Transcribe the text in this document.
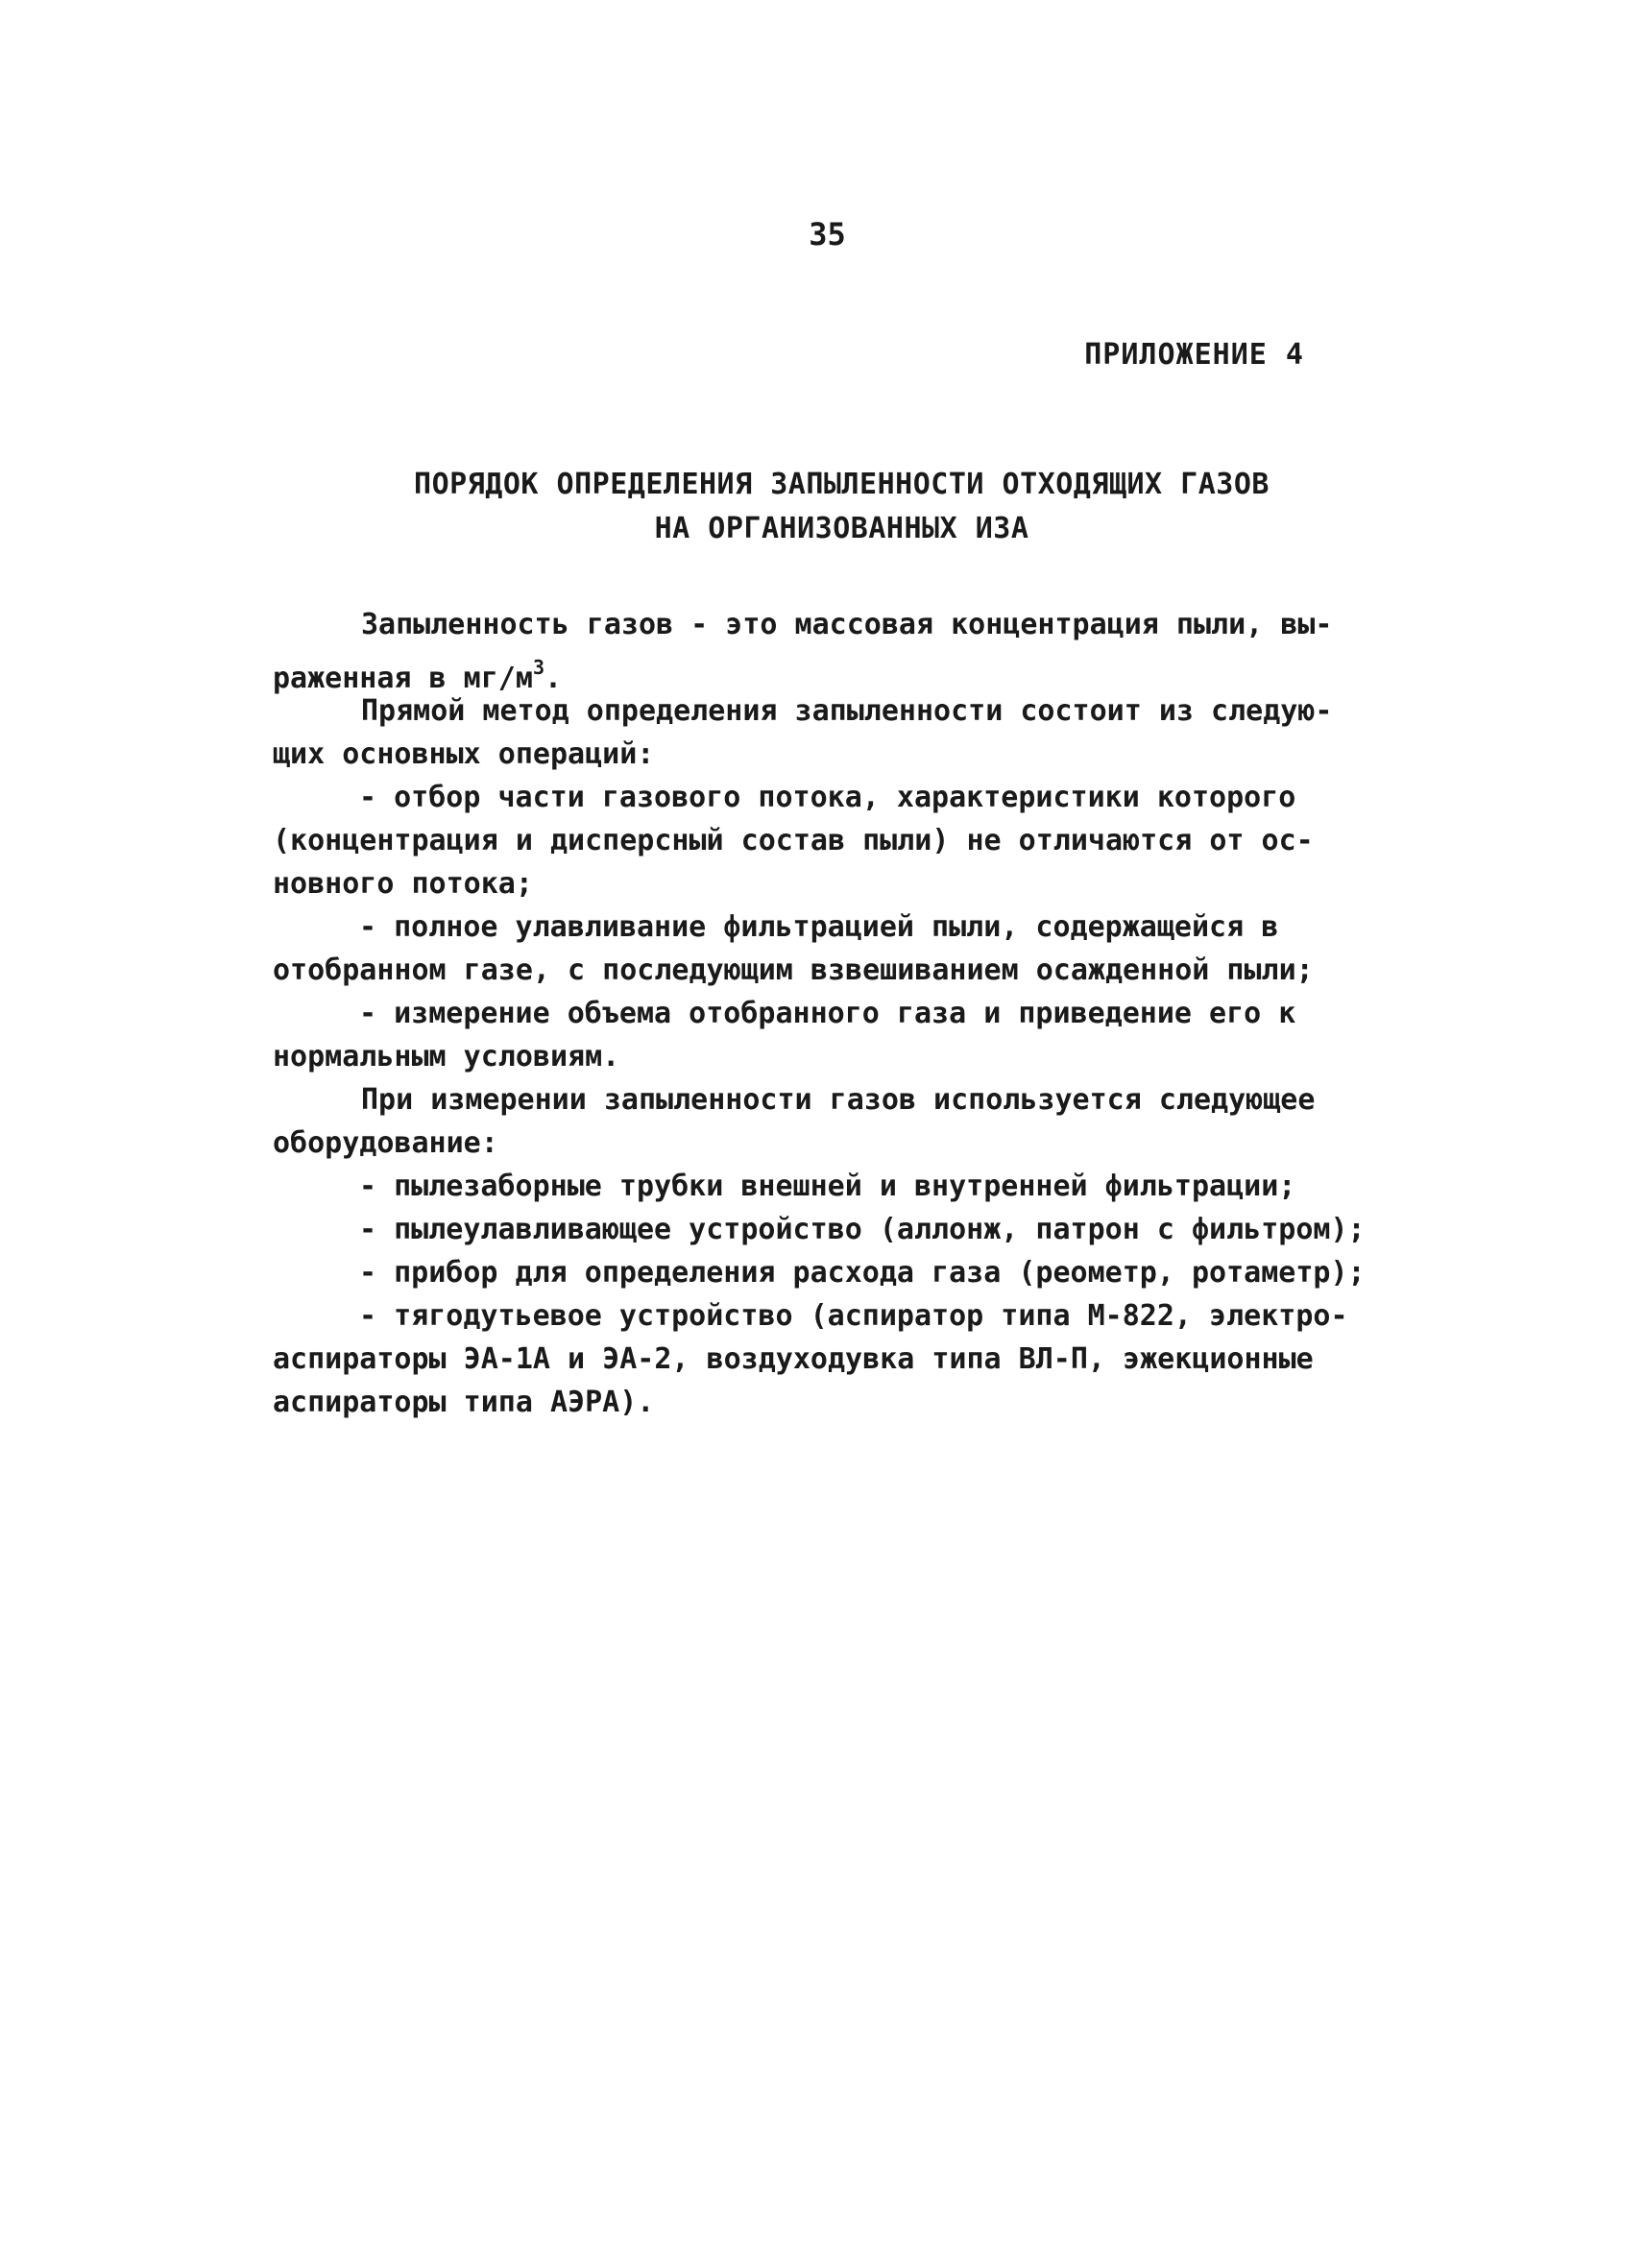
35
ПРИЛОЖЕНИЕ 4
ПОРЯДОК ОПРЕДЕЛЕНИЯ ЗАПЫЛЕННОСТИ ОТХОДЯЩИХ ГАЗОВ
НА ОРГАНИЗОВАННЫХ ИЗА
Запыленность газов - это массовая концентрация пыли, вы-
раженная в $мг/м^3$.
Прямой метод определения запыленности состоит из следую-
щих основных операций:
- отбор части газового потока, характеристики которого
(концентрация и дисперсный состав пыли) не отличаются от ос-
новного потока;
- полное улавливание фильтрацией пыли, содержащейся в
отобранном газе, с последующим взвешиванием осажденной пыли;
- измерение объема отобранного газа и приведение его к
нормальным условиям.
При измерении запыленности газов используется следующее
оборудование:
- пылезаборные трубки внешней и внутренней фильтрации;
- пылеулавливающее устройство (аллонж, патрон с фильтром);
- прибор для определения расхода газа (реометр, ротаметр);
- тягодутьевое устройство (аспиратор типа М-822, электро-
аспираторы ЭА-1А и ЭА-2, воздуходувка типа ВЛ-П, эжекционные
аспираторы типа АЭРА).
